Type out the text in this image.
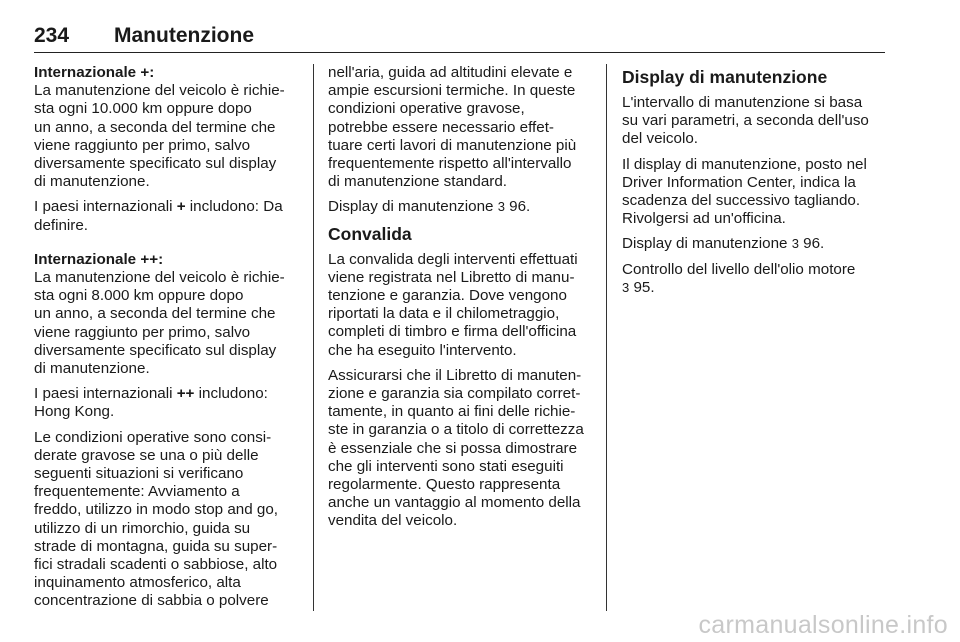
234 Manutenzione

Internazionale +:
La manutenzione del veicolo è richie-
sta ogni 10.000 km oppure dopo
un anno, a seconda del termine che
viene raggiunto per primo, salvo
diversamente specificato sul display
di manutenzione.

I paesi internazionali + includono: Da
definire.

Internazionale ++:
La manutenzione del veicolo è richie-
sta ogni 8.000 km oppure dopo
un anno, a seconda del termine che
viene raggiunto per primo, salvo
diversamente specificato sul display
di manutenzione.

I paesi internazionali ++ includono:
Hong Kong.

Le condizioni operative sono consi-
derate gravose se una o più delle
seguenti situazioni si verificano
frequentemente: Avviamento a
freddo, utilizzo in modo stop and go,
utilizzo di un rimorchio, guida su
strade di montagna, guida su super-
fici stradali scadenti o sabbiose, alto
inquinamento atmosferico, alta
concentrazione di sabbia o polvere

nell'aria, guida ad altitudini elevate e
ampie escursioni termiche. In queste
condizioni operative gravose,
potrebbe essere necessario effet-
tuare certi lavori di manutenzione più
frequentemente rispetto all'intervallo
di manutenzione standard.

Display di manutenzione 3 96.

Convalida

La convalida degli interventi effettuati
viene registrata nel Libretto di manu-
tenzione e garanzia. Dove vengono
riportati la data e il chilometraggio,
completi di timbro e firma dell'officina
che ha eseguito l'intervento.

Assicurarsi che il Libretto di manuten-
zione e garanzia sia compilato corret-
tamente, in quanto ai fini delle richie-
ste in garanzia o a titolo di correttezza
è essenziale che si possa dimostrare
che gli interventi sono stati eseguiti
regolarmente. Questo rappresenta
anche un vantaggio al momento della
vendita del veicolo.

Display di manutenzione

L'intervallo di manutenzione si basa
su vari parametri, a seconda dell'uso
del veicolo.

Il display di manutenzione, posto nel
Driver Information Center, indica la
scadenza del successivo tagliando.
Rivolgersi ad un'officina.

Display di manutenzione 3 96.

Controllo del livello dell'olio motore
3 95.

carmanualsonline.info
